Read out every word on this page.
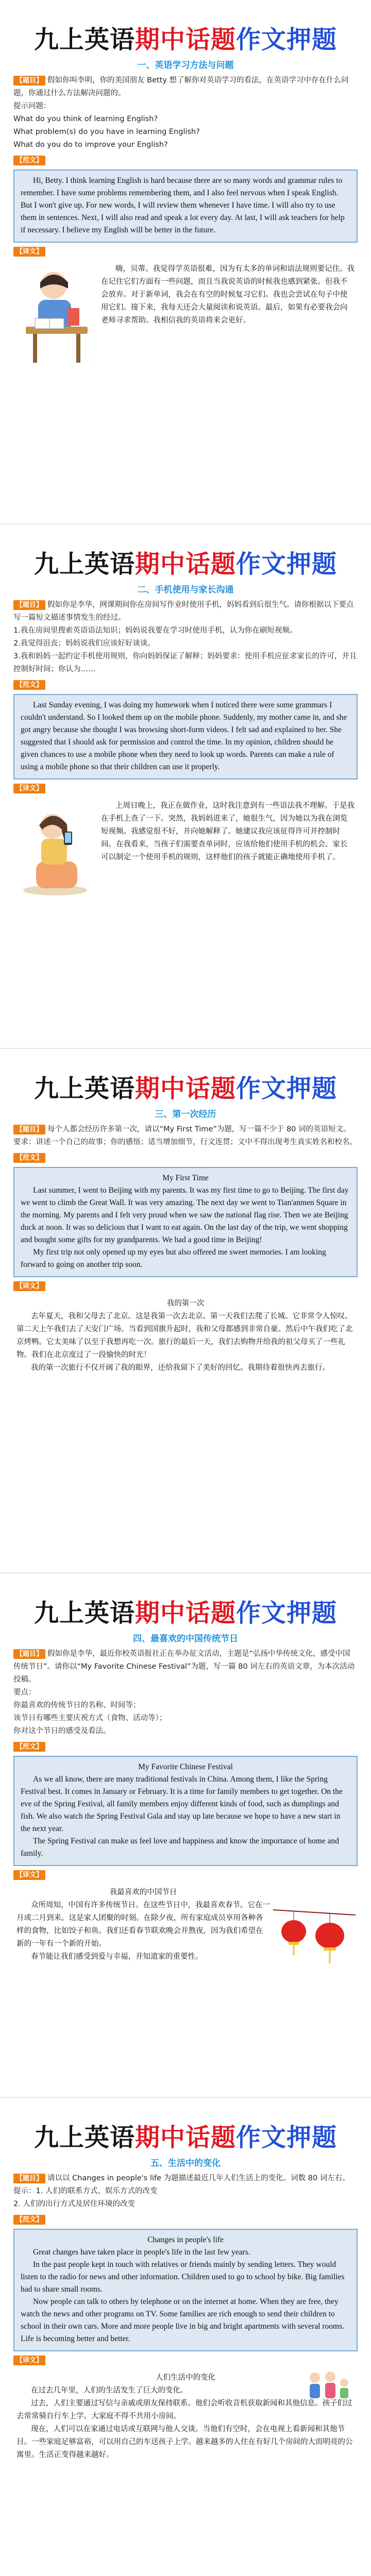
九上英语期中话题作文押题
一、英语学习方法与问题

【题目】 假如你叫李明，你的美国朋友 Betty 想了解你对英语学习的看法，在英语学习中存在什么问题，你通过什么方法解决问题的。

提示问题：

What do you think of learning English?

What problem(s) do you have in learning English?

What do you do to improve your English?

【范文】

Hi, Betty. I think learning English is hard because there are so many words and grammar rules to remember. I have some problems remembering them, and I also feel nervous when I speak English. But I won't give up. For new words, I will review them whenever I have time. I will also try to use them in sentences. Next, I will also read and speak a lot every day. At last, I will ask teachers for help if necessary. I believe my English will be better in the future.

【译文】

嗨，贝蒂。我觉得学英语很难，因为有太多的单词和语法规则要记住。我在记住它们方面有一些问题，而且当我说英语的时候我也感到紧张。但我不会放弃。对于新单词，我会在有空的时候复习它们。我也会尝试在句子中使用它们。接下来，我每天还会大量阅读和说英语。最后，如果有必要我会向老师寻求帮助。我相信我的英语将来会更好。

九上英语期中话题作文押题
二、手机使用与家长沟通

【题目】 假如你是李华，网课期间你在房间写作业时使用手机，妈妈看到后很生气。请你根据以下要点写一篇短文描述事情发生的经过。

1.我在房间里搜索英语语法知识；妈妈说我要在学习时使用手机，认为你在刷短视频。

2.我觉得沮丧；妈妈说我们应该好好谈谈。

3.我和妈妈一起约定手机使用规则，你向妈妈保证了解释；妈妈要求：使用手机应征求家长的许可，并且控制好时间；你认为……

【范文】

Last Sunday evening, I was doing my homework when I noticed there were some grammars I couldn't understand. So I looked them up on the mobile phone. Suddenly, my mother came in, and she got angry because she thought I was browsing short-form videos. I felt sad and explained to her. She suggested that I should ask for permission and control the time. In my opinion, children should be given chances to use a mobile phone when they need to look up words. Parents can make a rule of using a mobile phone so that their children can use it properly.

【译文】

上周日晚上，我正在做作业，这时我注意到有一些语法我不理解。于是我在手机上查了一下。突然，我妈妈进来了，她很生气，因为她以为我在浏览短视频。我感觉很不好，并向她解释了。她建议我应该征得许可并控制时间。在我看来，当孩子们需要查单词时，应该给他们使用手机的机会。家长可以制定一个使用手机的规则，这样他们的孩子就能正确地使用手机了。

九上英语期中话题作文押题
三、第一次经历

【题目】 每个人都会经历许多第一次，请以“My First Time”为题，写一篇不少于 80 词的英语短文。

要求：讲述一个自己的故事；你的感悟；适当增加细节，行文连贯；文中不得出现考生真实姓名和校名。

【范文】
My First Time

Last summer, I went to Beijing with my parents. It was my first time to go to Beijing. The first day we went to climb the Great Wall. It was very amazing. The next day we went to Tian'anmen Square in the morning. My parents and I felt very proud when we saw the national flag rise. Then we ate Beijing duck at noon. It was so delicious that I want to eat again. On the last day of the trip, we went shopping and bought some gifts for my grandparents. We had a good time in Beijing!

My first trip not only opened up my eyes but also offered me sweet memories. I am looking forward to going on another trip soon.

【译文】
我的第一次

去年夏天，我和父母去了北京。这是我第一次去北京。第一天我们去爬了长城。它非常令人惊叹。第二天上午我们去了天安门广场。当看到国旗升起时，我和父母都感到非常自豪。然后中午我们吃了北京烤鸭。它太美味了以至于我想再吃一次。旅行的最后一天，我们去购物并给我的祖父母买了一些礼物。我们在北京度过了一段愉快的时光！

我的第一次旅行不仅开阔了我的眼界，还给我留下了美好的回忆。我期待着很快再去旅行。

九上英语期中话题作文押题
四、最喜欢的中国传统节日

【题目】 假如你是李华，最近你校英语报社正在举办征文活动，主题是“弘扬中华传统文化，感受中国传统节日”。请你以“My Favorite Chinese Festival”为题，写一篇 80 词左右的英语文章，为本次活动投稿。

要点：

你最喜欢的传统节日的名称、时间等；

该节日有哪些主要庆祝方式（食物、活动等）；

你对这个节日的感受及看法。

【范文】
My Favorite Chinese Festival

As we all know, there are many traditional festivals in China. Among them, I like the Spring Festival best. It comes in January or February. It is a time for family members to get together. On the eve of the Spring Festival, all family members enjoy different kinds of food, such as dumplings and fish. We also watch the Spring Festival Gala and stay up late because we hope to have a new start in the next year.

The Spring Festival can make us feel love and happiness and know the importance of home and family.

【译文】
我最喜欢的中国节日

众所周知，中国有许多传统节日。在这些节日中，我最喜欢春节。它在一月或二月到来。这是家人团聚的时刻。在除夕夜，所有家庭成员享用各种各样的食物，比如饺子和鱼。我们还看春节联欢晚会并熬夜，因为我们希望在新的一年有一个新的开始。

春节能让我们感受到爱与幸福，并知道家的重要性。

九上英语期中话题作文押题
五、生活中的变化

【题目】 请以以 Changes in people's life 为题描述最近几年人们生活上的变化。词数 80 词左右。

提示：1. 人们的联系方式、娱乐方式的改变

2. 人们的出行方式及居住环境的改变

【范文】
Changes in people's life

Great changes have taken place in people's life in the last few years.

In the past people kept in touch with relatives or friends mainly by sending letters. They would listen to the radio for news and other information. Children used to go to school by bike. Big families had to share small rooms.

Now people can talk to others by telephone or on the internet at home. When they are free, they watch the news and other programs on TV. Some families are rich enough to send their children to school in their own cars. More and more people live in big and bright apartments with several rooms. Life is becoming better and better.

【译文】
人们生活中的变化

在过去几年里，人们的生活发生了巨大的变化。

过去，人们主要通过写信与亲戚或朋友保持联系。他们会听收音机获取新闻和其他信息。孩子们过去常常骑自行车上学。大家庭不得不共用小房间。

现在，人们可以在家通过电话或互联网与他人交谈。当他们有空时，会在电视上看新闻和其他节目。一些家庭足够富裕，可以用自己的车送孩子上学。越来越多的人住在有好几个房间的大而明亮的公寓里。生活正变得越来越好。
